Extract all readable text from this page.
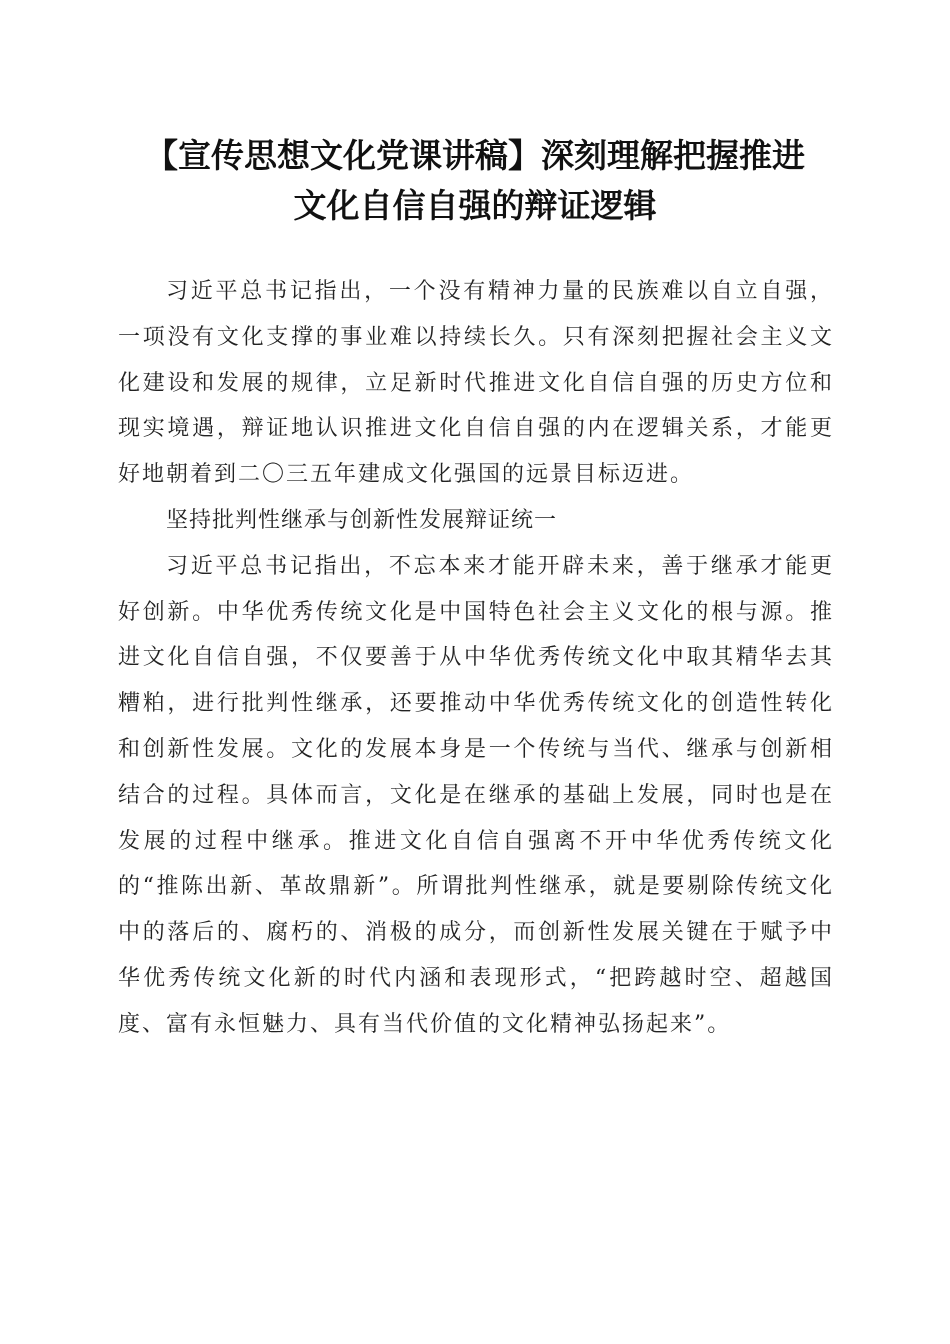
【宣传思想文化党课讲稿】深刻理解把握推进
文化自信自强的辩证逻辑

习近平总书记指出，一个没有精神力量的民族难以自立自强，一项没有文化支撑的事业难以持续长久。只有深刻把握社会主义文化建设和发展的规律，立足新时代推进文化自信自强的历史方位和现实境遇，辩证地认识推进文化自信自强的内在逻辑关系，才能更好地朝着到二〇三五年建成文化强国的远景目标迈进。

坚持批判性继承与创新性发展辩证统一

习近平总书记指出，不忘本来才能开辟未来，善于继承才能更好创新。中华优秀传统文化是中国特色社会主义文化的根与源。推进文化自信自强，不仅要善于从中华优秀传统文化中取其精华去其糟粕，进行批判性继承，还要推动中华优秀传统文化的创造性转化和创新性发展。文化的发展本身是一个传统与当代、继承与创新相结合的过程。具体而言，文化是在继承的基础上发展，同时也是在发展的过程中继承。推进文化自信自强离不开中华优秀传统文化的“推陈出新、革故鼎新”。所谓批判性继承，就是要剔除传统文化中的落后的、腐朽的、消极的成分，而创新性发展关键在于赋予中华优秀传统文化新的时代内涵和表现形式，“把跨越时空、超越国度、富有永恒魅力、具有当代价值的文化精神弘扬起来”。
